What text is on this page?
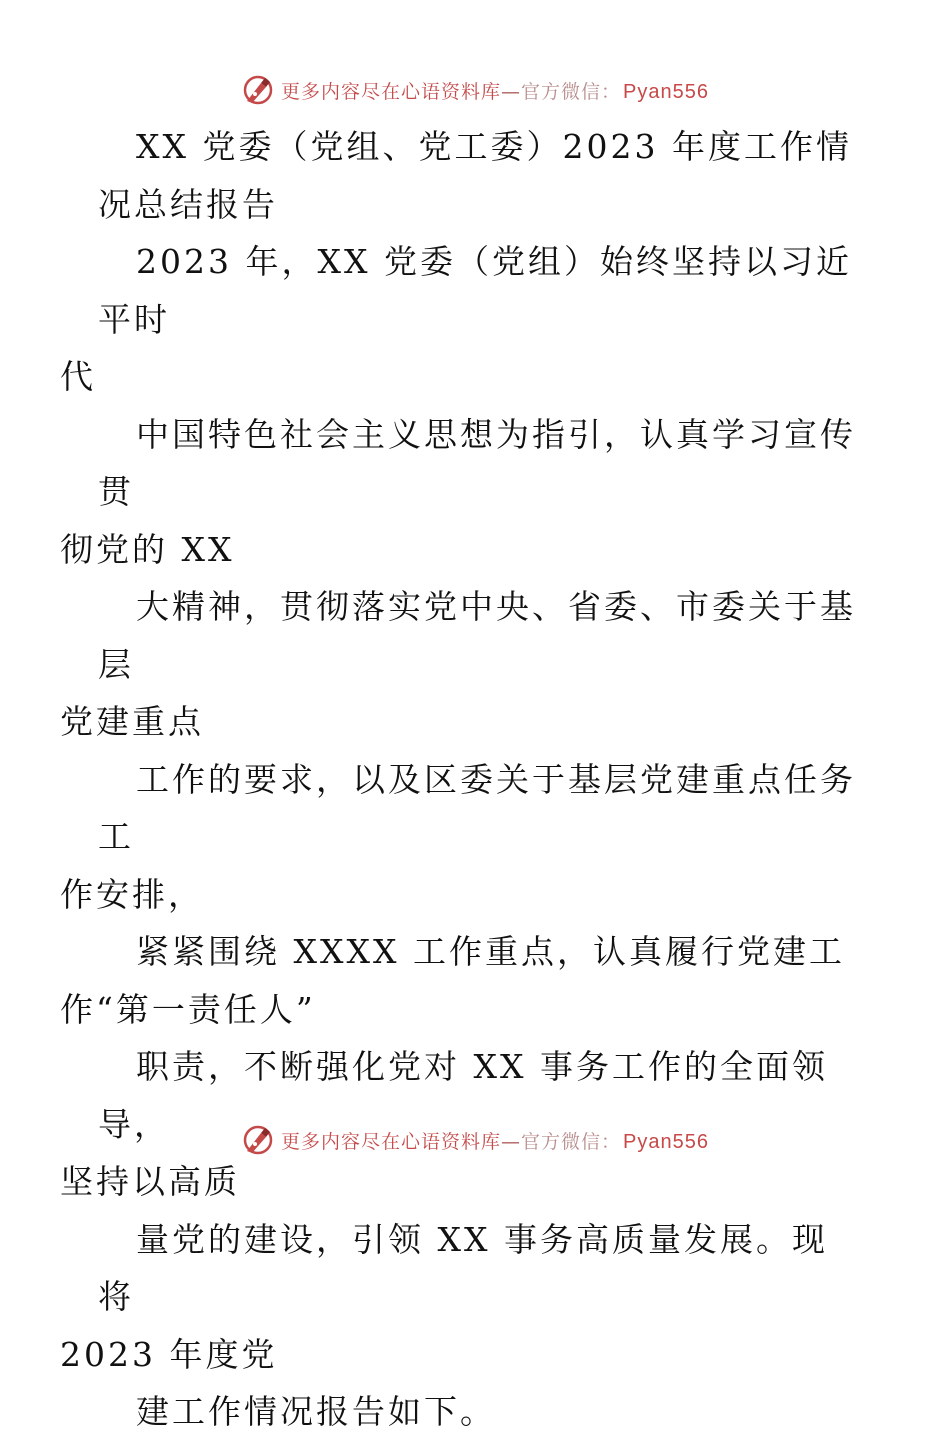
更多内容尽在心语资料库—官方微信： Pyan556

XX 党委（党组、党工委）2023 年度工作情况总结报告

2023 年，XX 党委（党组）始终坚持以习近平时
代

中国特色社会主义思想为指引，认真学习宣传贯
彻党的 XX

大精神，贯彻落实党中央、省委、市委关于基层
党建重点

工作的要求，以及区委关于基层党建重点任务工
作安排，

紧紧围绕 XXXX 工作重点，认真履行党建工
作“第一责任人”

职责，不断强化党对 XX 事务工作的全面领导，
坚持以高质

量党的建设，引领 XX 事务高质量发展。现将
2023 年度党

建工作情况报告如下。

更多内容尽在心语资料库—官方微信： Pyan556
